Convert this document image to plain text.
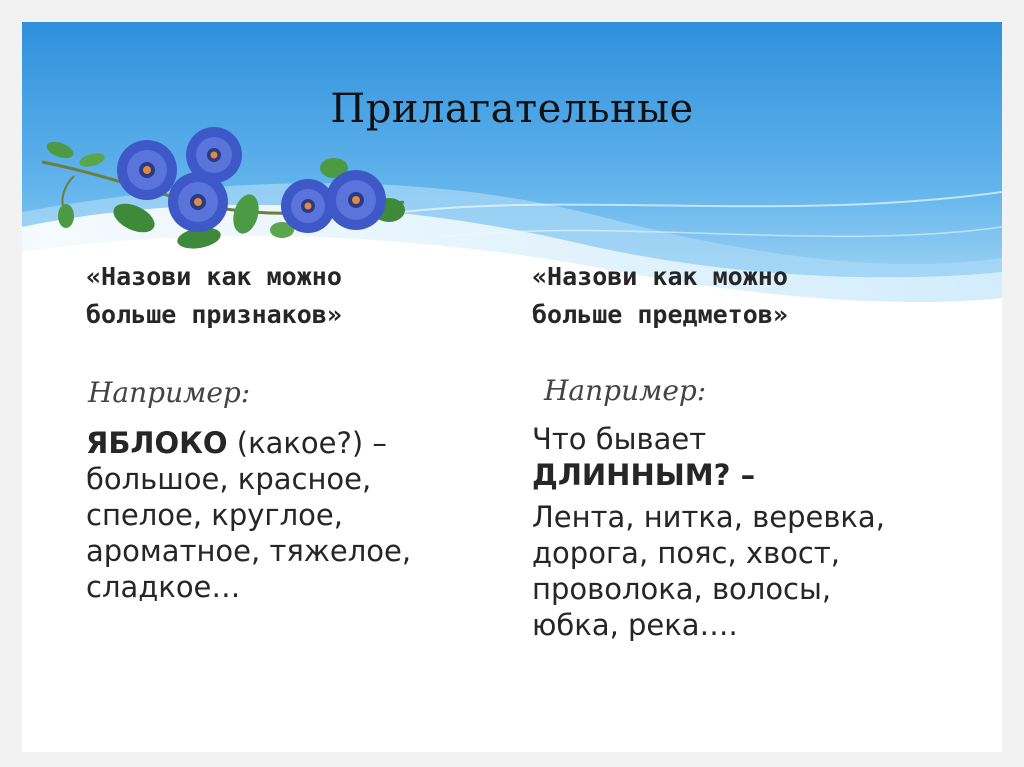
Прилагательные

«Назови как можно
больше признаков»

Например:

ЯБЛОКО (какое?) –
большое, красное,
спелое, круглое,
ароматное, тяжелое,
сладкое…

«Назови как можно
больше предметов»

Например:

Что бывает
ДЛИННЫМ? –

Лента, нитка, веревка,
дорога, пояс, хвост,
проволока, волосы,
юбка, река….
